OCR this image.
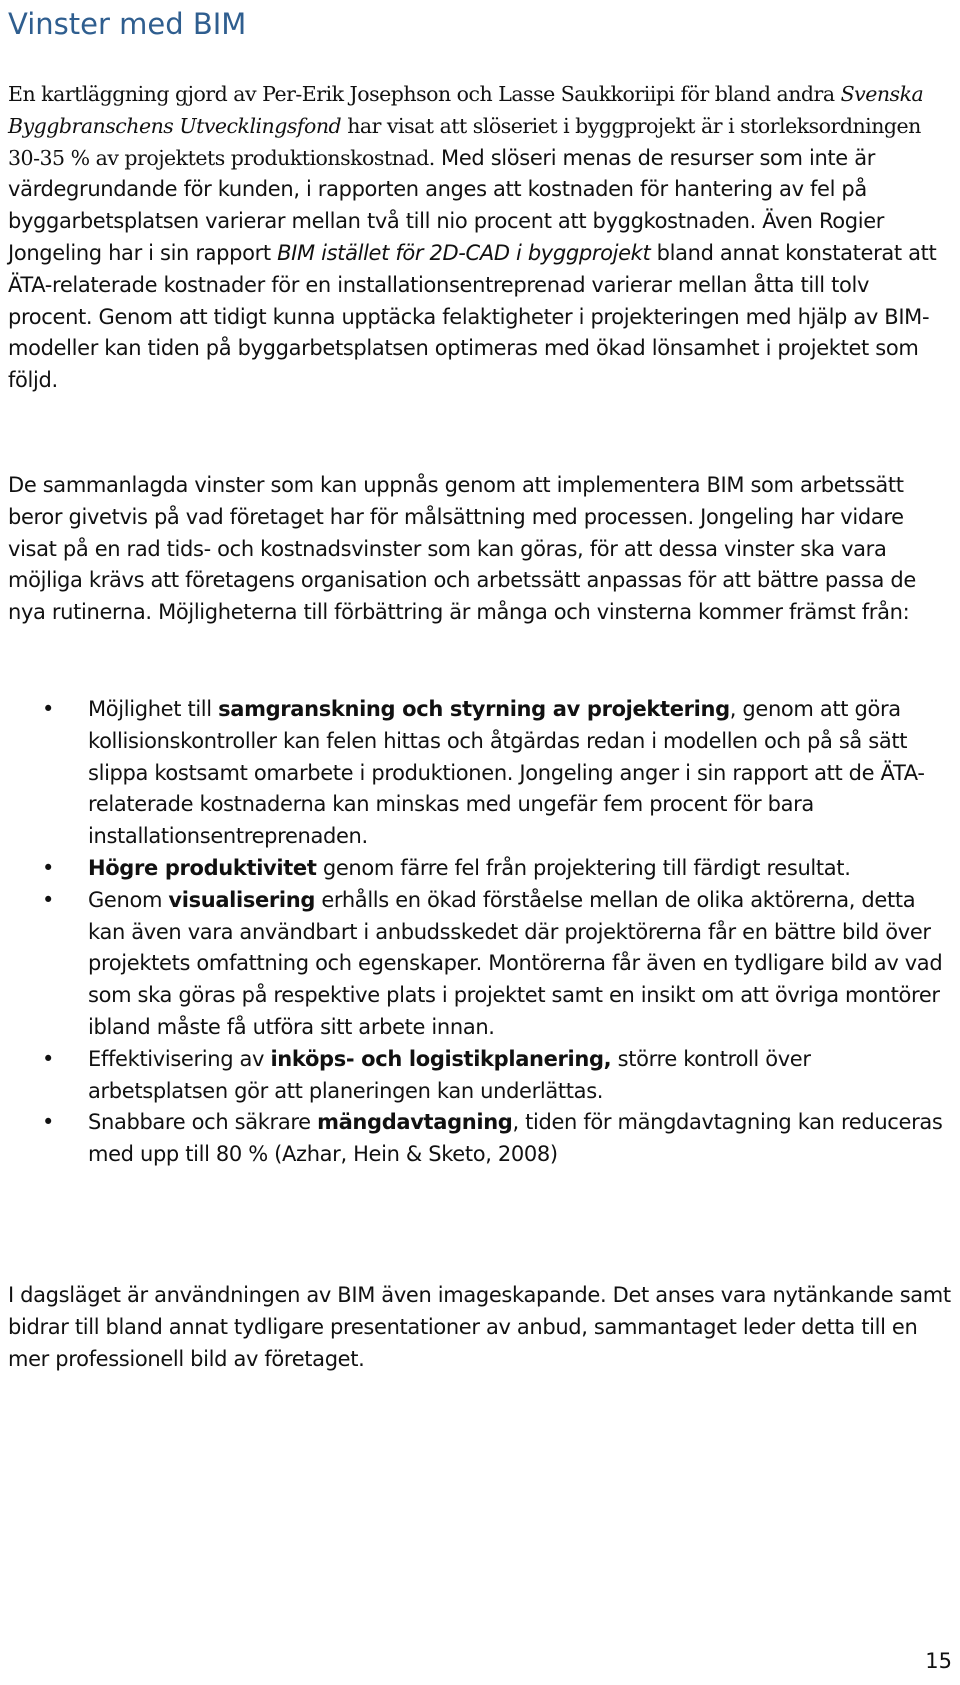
Vinster med BIM

En kartläggning gjord av Per-Erik Josephson och Lasse Saukkoriipi för bland andra Svenska Byggbranschens Utvecklingsfond har visat att slöseriet i byggprojekt är i storleksordningen 30-35 % av projektets produktionskostnad. Med slöseri menas de resurser som inte är värdegrundande för kunden, i rapporten anges att kostnaden för hantering av fel på byggarbetsplatsen varierar mellan två till nio procent att byggkostnaden. Även Rogier Jongeling har i sin rapport BIM istället för 2D-CAD i byggprojekt bland annat konstaterat att ÄTA-relaterade kostnader för en installationsentreprenad varierar mellan åtta till tolv procent. Genom att tidigt kunna upptäcka felaktigheter i projekteringen med hjälp av BIM-modeller kan tiden på byggarbetsplatsen optimeras med ökad lönsamhet i projektet som följd.

De sammanlagda vinster som kan uppnås genom att implementera BIM som arbetssätt beror givetvis på vad företaget har för målsättning med processen. Jongeling har vidare visat på en rad tids- och kostnadsvinster som kan göras, för att dessa vinster ska vara möjliga krävs att företagens organisation och arbetssätt anpassas för att bättre passa de nya rutinerna. Möjligheterna till förbättring är många och vinsterna kommer främst från:

• Möjlighet till samgranskning och styrning av projektering, genom att göra kollisionskontroller kan felen hittas och åtgärdas redan i modellen och på så sätt slippa kostsamt omarbete i produktionen. Jongeling anger i sin rapport att de ÄTA-relaterade kostnaderna kan minskas med ungefär fem procent för bara installationsentreprenaden.
• Högre produktivitet genom färre fel från projektering till färdigt resultat.
• Genom visualisering erhålls en ökad förståelse mellan de olika aktörerna, detta kan även vara användbart i anbudsskedet där projektörerna får en bättre bild över projektets omfattning och egenskaper. Montörerna får även en tydligare bild av vad som ska göras på respektive plats i projektet samt en insikt om att övriga montörer ibland måste få utföra sitt arbete innan.
• Effektivisering av inköps- och logistikplanering, större kontroll över arbetsplatsen gör att planeringen kan underlättas.
• Snabbare och säkrare mängdavtagning, tiden för mängdavtagning kan reduceras med upp till 80 % (Azhar, Hein & Sketo, 2008)

I dagsläget är användningen av BIM även imageskapande. Det anses vara nytänkande samt bidrar till bland annat tydligare presentationer av anbud, sammantaget leder detta till en mer professionell bild av företaget.

15
